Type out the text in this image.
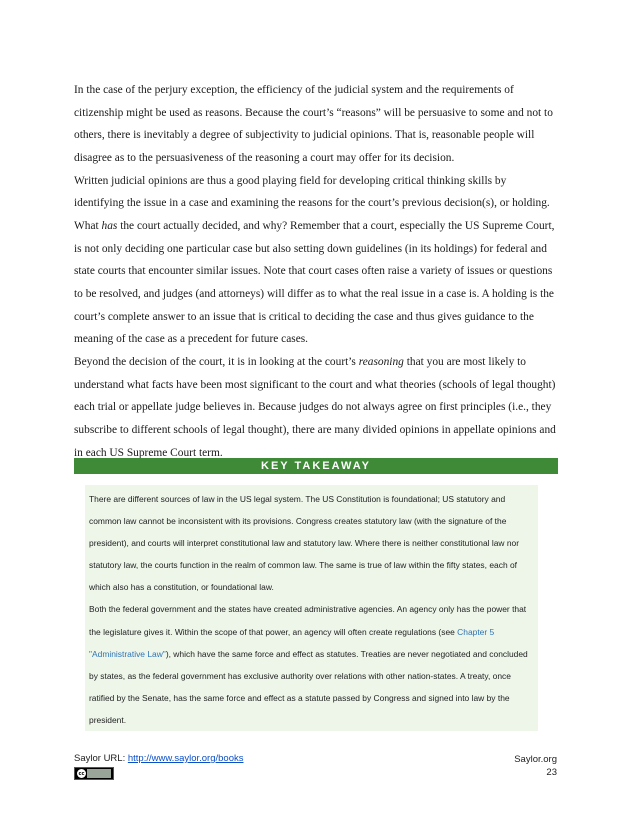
In the case of the perjury exception, the efficiency of the judicial system and the requirements of citizenship might be used as reasons. Because the court’s “reasons” will be persuasive to some and not to others, there is inevitably a degree of subjectivity to judicial opinions. That is, reasonable people will disagree as to the persuasiveness of the reasoning a court may offer for its decision.

Written judicial opinions are thus a good playing field for developing critical thinking skills by identifying the issue in a case and examining the reasons for the court’s previous decision(s), or holding.

What has the court actually decided, and why? Remember that a court, especially the US Supreme Court, is not only deciding one particular case but also setting down guidelines (in its holdings) for federal and state courts that encounter similar issues. Note that court cases often raise a variety of issues or questions to be resolved, and judges (and attorneys) will differ as to what the real issue in a case is. A holding is the court’s complete answer to an issue that is critical to deciding the case and thus gives guidance to the meaning of the case as a precedent for future cases.

Beyond the decision of the court, it is in looking at the court’s reasoning that you are most likely to understand what facts have been most significant to the court and what theories (schools of legal thought) each trial or appellate judge believes in. Because judges do not always agree on first principles (i.e., they subscribe to different schools of legal thought), there are many divided opinions in appellate opinions and in each US Supreme Court term.

KEY TAKEAWAY

There are different sources of law in the US legal system. The US Constitution is foundational; US statutory and common law cannot be inconsistent with its provisions. Congress creates statutory law (with the signature of the president), and courts will interpret constitutional law and statutory law. Where there is neither constitutional law nor statutory law, the courts function in the realm of common law. The same is true of law within the fifty states, each of which also has a constitution, or foundational law.

Both the federal government and the states have created administrative agencies. An agency only has the power that the legislature gives it. Within the scope of that power, an agency will often create regulations (see Chapter 5 "Administrative Law"), which have the same force and effect as statutes. Treaties are never negotiated and concluded by states, as the federal government has exclusive authority over relations with other nation-states. A treaty, once ratified by the Senate, has the same force and effect as a statute passed by Congress and signed into law by the president.

Saylor URL: http://www.saylor.org/books
cc
Saylor.org
23
